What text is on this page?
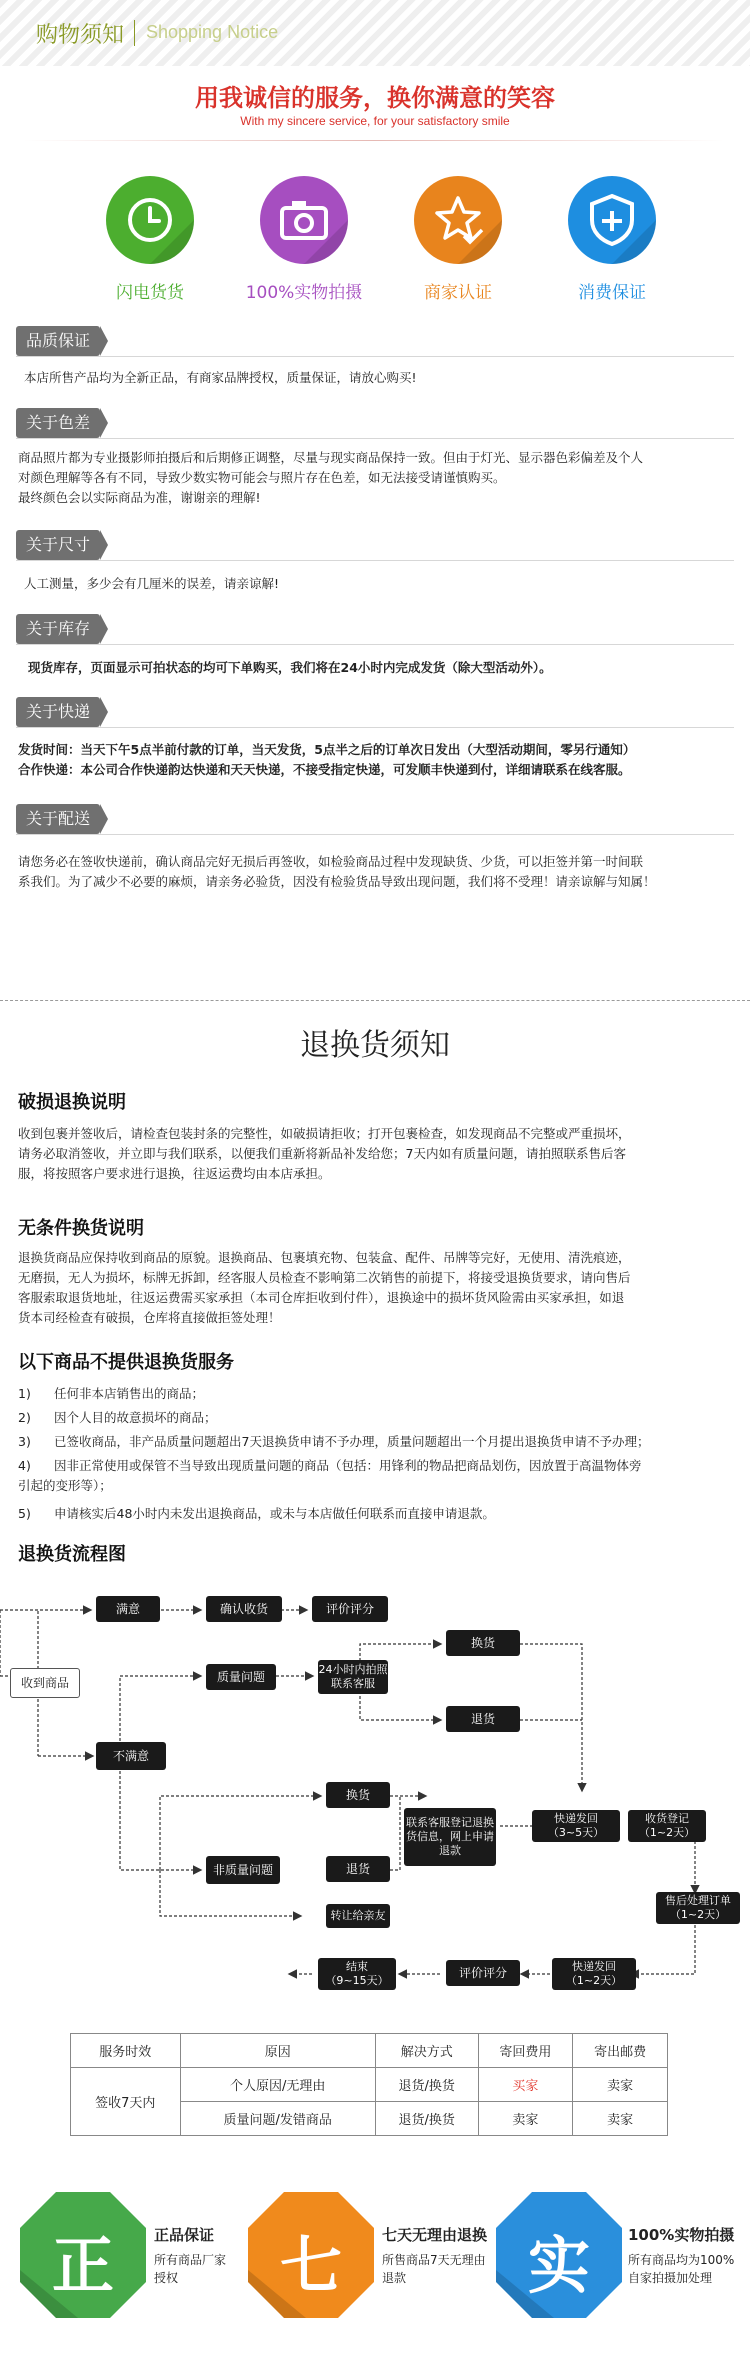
购物须知 Shopping Notice
用我诚信的服务，换你满意的笑容
With my sincere service, for your satisfactory smile
闪电货货	100%实物拍摄	商家认证	消费保证
品质保证
本店所售产品均为全新正品，有商家品牌授权，质量保证，请放心购买!
关于色差
商品照片都为专业摄影师拍摄后和后期修正调整，尽量与现实商品保持一致。但由于灯光、显示器色彩偏差及个人
对颜色理解等各有不同，导致少数实物可能会与照片存在色差，如无法接受请谨慎购买。
最终颜色会以实际商品为准，谢谢亲的理解!
关于尺寸
人工测量，多少会有几厘米的误差，请亲谅解!
关于库存
现货库存，页面显示可拍状态的均可下单购买，我们将在24小时内完成发货（除大型活动外）。
关于快递
发货时间：当天下午5点半前付款的订单，当天发货，5点半之后的订单次日发出（大型活动期间，零另行通知）
合作快递：本公司合作快递韵达快递和天天快递，不接受指定快递，可发顺丰快递到付，详细请联系在线客服。
关于配送
请您务必在签收快递前，确认商品完好无损后再签收，如检验商品过程中发现缺货、少货，可以拒签并第一时间联
系我们。为了减少不必要的麻烦，请亲务必验货，因没有检验货品导致出现问题，我们将不受理！请亲谅解与知属！
退换货须知
破损退换说明
收到包裹并签收后，请检查包装封条的完整性，如破损请拒收；打开包裹检查，如发现商品不完整或严重损坏，
请务必取消签收，并立即与我们联系，以便我们重新将新品补发给您；7天内如有质量问题，请拍照联系售后客
服，将按照客户要求进行退换，往返运费均由本店承担。
无条件换货说明
退换货商品应保持收到商品的原貌。退换商品、包裹填充物、包装盒、配件、吊牌等完好，无使用、清洗痕迹，
无磨损，无人为损坏，标牌无拆卸，经客服人员检查不影响第二次销售的前提下，将接受退换货要求，请向售后
客服索取退货地址，往返运费需买家承担（本司仓库拒收到付件），退换途中的损坏货风险需由买家承担，如退
货本司经检查有破损，仓库将直接做拒签处理！
以下商品不提供退换货服务
1) 任何非本店销售出的商品；
2) 因个人目的故意损坏的商品；
3) 已签收商品，非产品质量问题超出7天退换货申请不予办理，质量问题超出一个月提出退换货申请不予办理；
4) 因非正常使用或保管不当导致出现质量问题的商品（包括：用锋利的物品把商品划伤，因放置于高温物体旁
引起的变形等）；
5) 申请核实后48小时内未发出退换商品，或未与本店做任何联系而直接申请退款。
退换货流程图
收到商品
满意	确认收货	评价评分
不满意
质量问题
24小时内拍照联系客服
换货
退货
非质量问题
换货
退货
转让给亲友
联系客服登记退换货信息，网上申请退款
快递发回
（3~5天）
收货登记
（1~2天）
售后处理订单
（1~2天）
快递发回
（1~2天）
评价评分
结束
（9~15天）
服务时效	原因	解决方式	寄回费用	寄出邮费
签收7天内	个人原因/无理由	退货/换货	买家	卖家
	质量问题/发错商品	退货/换货	卖家	卖家
正	正品保证

所有商品厂家

授权	七	七天无理由退换

所售商品7天无理由

退款	实	100%实物拍摄

所有商品均为100%

自家拍摄加处理
